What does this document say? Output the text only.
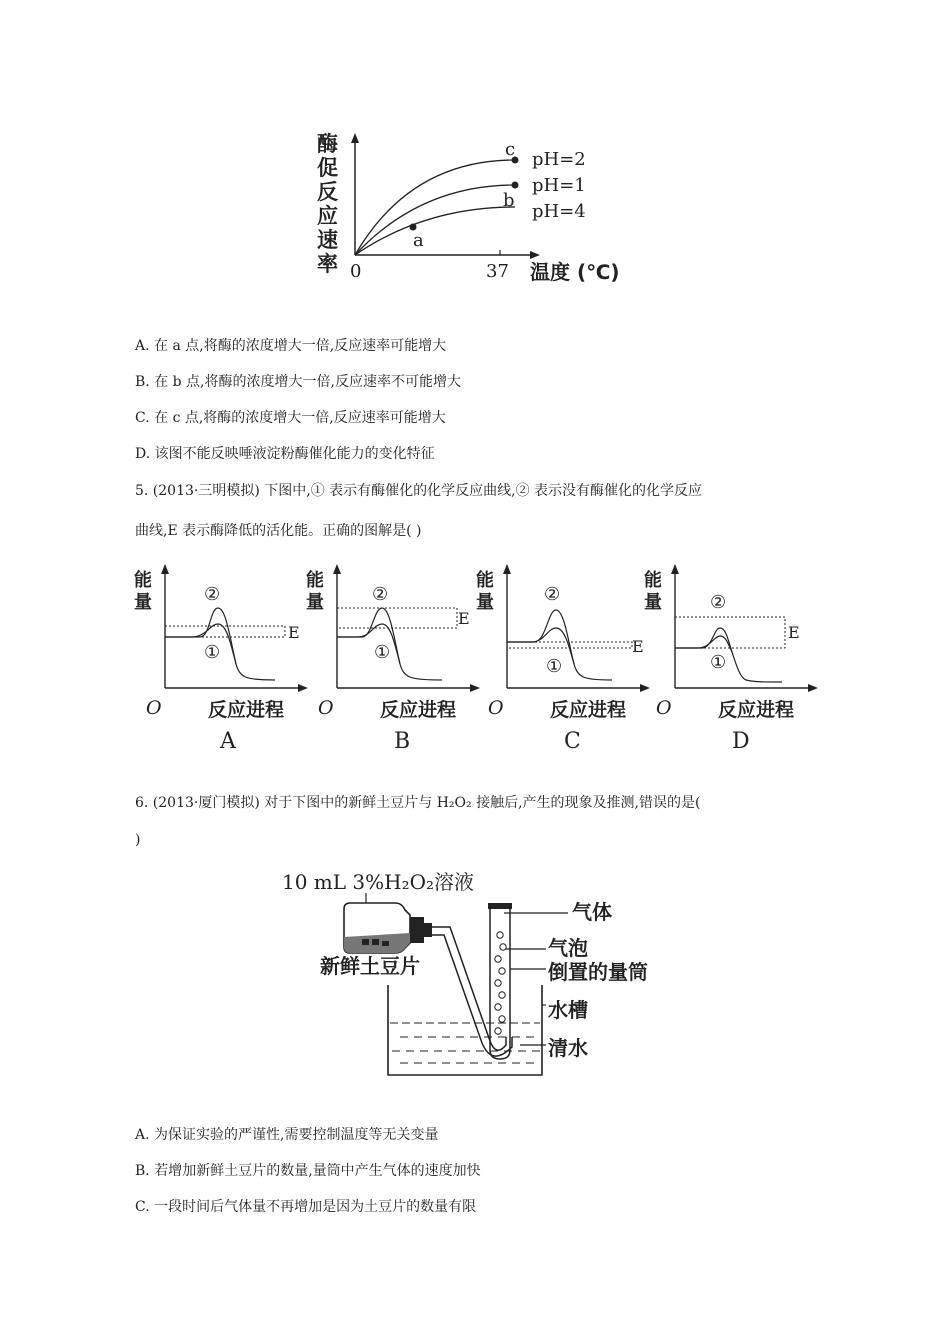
酶
促
反
应
速
率 0	37 温度 (℃)
c
b
a
pH=2
pH=1
pH=4
A. 在 a 点,将酶的浓度增大一倍,反应速率可能增大
B. 在 b 点,将酶的浓度增大一倍,反应速率不可能增大
C. 在 c 点,将酶的浓度增大一倍,反应速率可能增大
D. 该图不能反映唾液淀粉酶催化能力的变化特征
5. (2013·三明模拟) 下图中,① 表示有酶催化的化学反应曲线,② 表示没有酶催化的化学反应
曲线,E 表示酶降低的活化能。正确的图解是( )
能
量
E
②
①
O 反应进程
A
能
量
E
②
①
O 反应进程
B
能
量
E
②
①
O 反应进程
C
能
量
E
②
①
O 反应进程
D
6. (2013·厦门模拟) 对于下图中的新鲜土豆片与 H₂O₂ 接触后,产生的现象及推测,错误的是(
)
10 mL 3%H₂O₂溶液
新鲜土豆片
气体
气泡
倒置的量筒
水槽
清水
A. 为保证实验的严谨性,需要控制温度等无关变量
B. 若增加新鲜土豆片的数量,量筒中产生气体的速度加快
C. 一段时间后气体量不再增加是因为土豆片的数量有限
